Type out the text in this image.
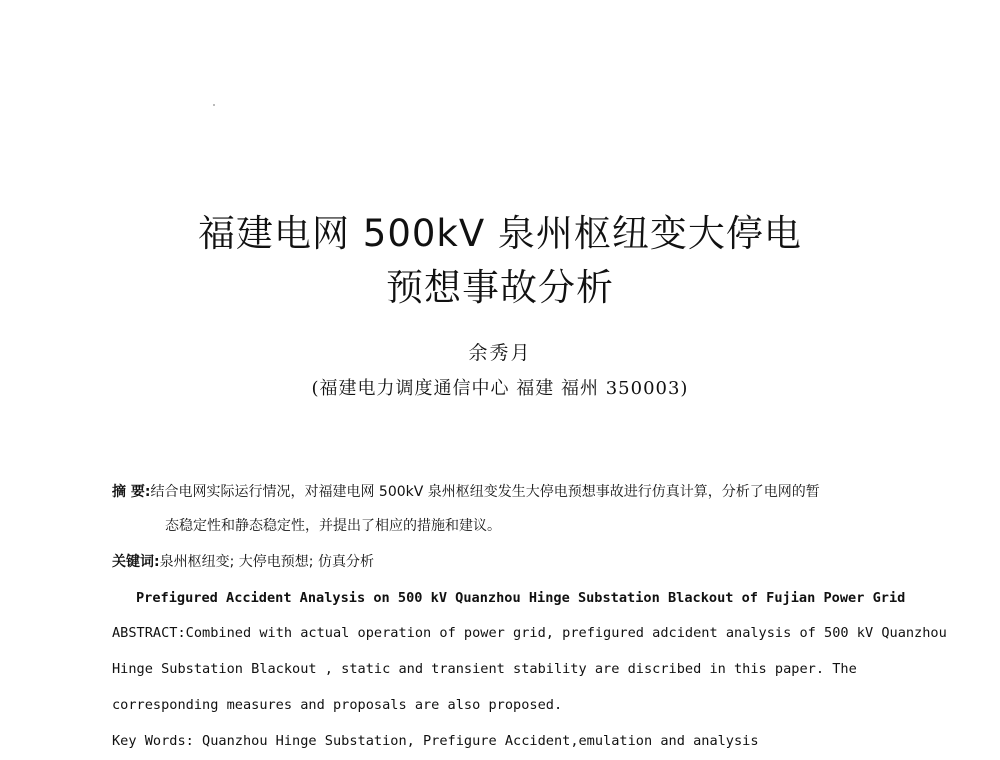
福建电网 500kV 泉州枢纽变大停电
预想事故分析
余秀月
(福建电力调度通信中心 福建 福州 350003)
摘 要:结合电网实际运行情况，对福建电网 500kV 泉州枢纽变发生大停电预想事故进行仿真计算，分析了电网的暂
态稳定性和静态稳定性，并提出了相应的措施和建议。
关键词:泉州枢纽变; 大停电预想; 仿真分析
Prefigured Accident Analysis on 500 kV Quanzhou Hinge Substation Blackout of Fujian Power Grid
ABSTRACT:Combined with actual operation of power grid, prefigured adcident analysis of 500 kV Quanzhou
Hinge Substation Blackout , static and transient stability are discribed in this paper. The
corresponding measures and proposals are also proposed.
Key Words: Quanzhou Hinge Substation, Prefigure Accident,emulation and analysis
